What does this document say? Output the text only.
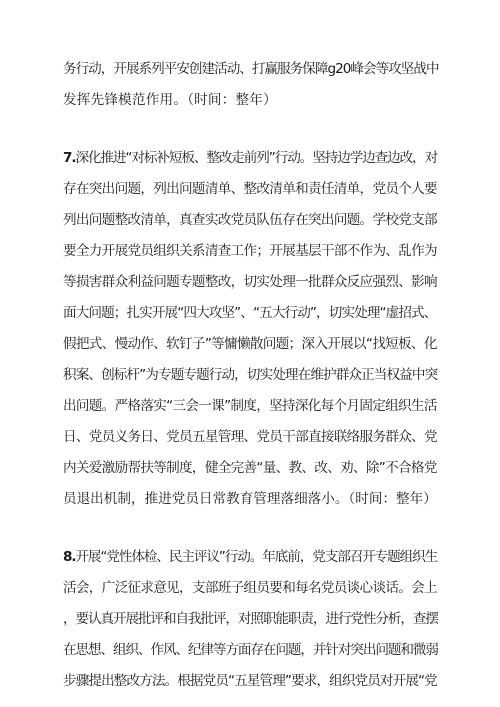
务行动，开展系列平安创建活动、打赢服务保障g20峰会等攻坚战中
发挥先锋模范作用。（时间：整年）
7.深化推进“对标补短板、整改走前列”行动。坚持边学边查边改，对
存在突出问题，列出问题清单、整改清单和责任清单，党员个人要
列出问题整改清单，真查实改党员队伍存在突出问题。学校党支部
要全力开展党员组织关系清查工作；开展基层干部不作为、乱作为
等损害群众利益问题专题整改，切实处理一批群众反应强烈、影响
面大问题；扎实开展“四大攻坚”、“五大行动”，切实处理“虚招式、
假把式、慢动作、软钉子”等慵懒散问题；深入开展以“找短板、化
积案、创标杆”为专题专题行动，切实处理在维护群众正当权益中突
出问题。严格落实“三会一课”制度，坚持深化每个月固定组织生活
日、党员义务日、党员五星管理、党员干部直接联络服务群众、党
内关爱激励帮扶等制度，健全完善“量、教、改、劝、除”不合格党
员退出机制，推进党员日常教育管理落细落小。（时间：整年）
8.开展“党性体检、民主评议”行动。年底前，党支部召开专题组织生
活会，广泛征求意见，支部班子组员要和每名党员谈心谈话。会上
，要认真开展批评和自我批评，对照职能职责，进行党性分析，查摆
在思想、组织、作风、纪律等方面存在问题，并针对突出问题和微弱
步骤提出整改方法。根据党员“五星管理”要求，组织党员对开展“党
